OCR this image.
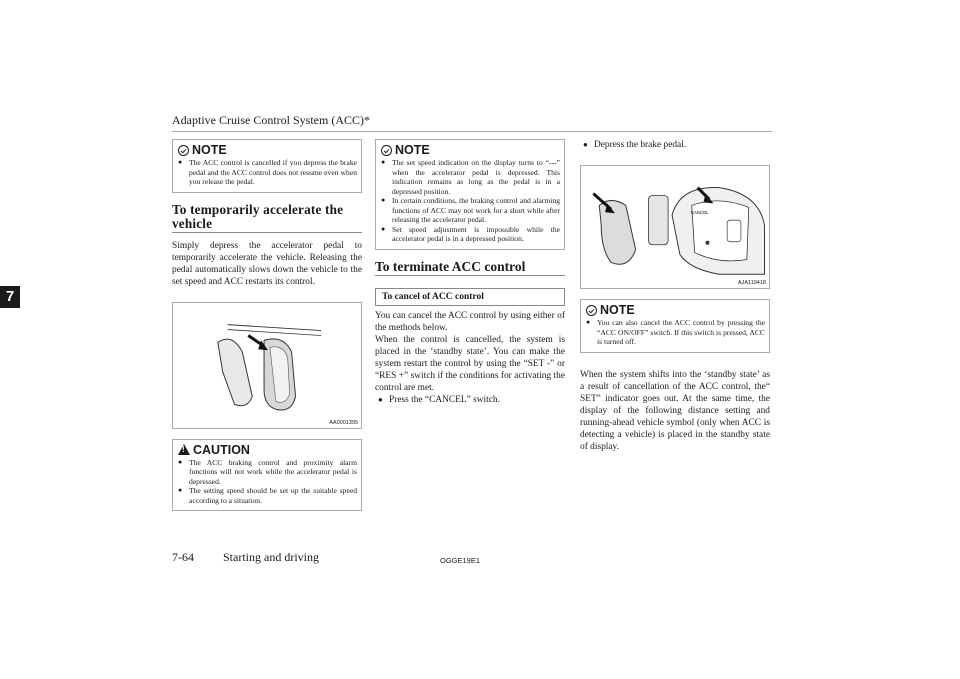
Adaptive Cruise Control System (ACC)*
7
NOTE
● The ACC control is cancelled if you depress the brake pedal and the ACC control does not resume even when you release the pedal.
To temporarily accelerate the vehicle
Simply depress the accelerator pedal to temporarily accelerate the vehicle. Releasing the pedal automatically slows down the vehicle to the set speed and ACC restarts its control.
AA0001395
!
CAUTION
● The ACC braking control and proximity alarm functions will not work while the accelerator pedal is depressed.
● The setting speed should be set up the suitable speed according to a situation.
NOTE
● The set speed indication on the display turns to “---” when the accelerator pedal is depressed. This indication remains as long as the pedal is in a depressed position.
● In certain conditions, the braking control and alarming functions of ACC may not work for a short while after releasing the accelerator pedal.
● Set speed adjustment is impossible while the accelerator pedal is in a depressed position.
To terminate ACC control
To cancel of ACC control
You can cancel the ACC control by using either of the methods below.
When the control is cancelled, the system is placed in the ‘standby state’. You can make the system restart the control by using the “SET -” or “RES +” switch if the conditions for activating the control are met.
● Press the “CANCEL” switch.
● Depress the brake pedal.
CANCEL
AJA119418
NOTE
● You can also cancel the ACC control by pressing the “ACC ON/OFF” switch. If this switch is pressed, ACC is turned off.
When the system shifts into the ‘standby state’ as a result of cancellation of the ACC control, the“ SET” indicator goes out. At the same time, the display of the following distance setting and running-ahead vehicle symbol (only when ACC is detecting a vehicle) is placed in the standby state of display.
7-64 Starting and driving	OGGE19E1
